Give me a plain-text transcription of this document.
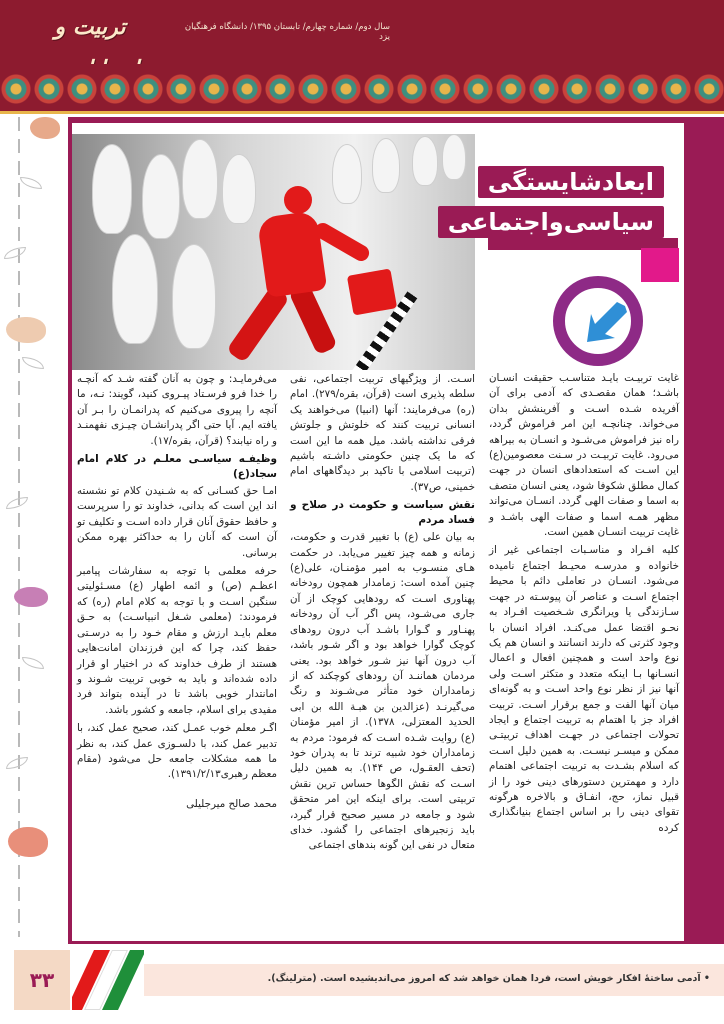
تربیت و	سال دوم/ شماره چهارم/ تابستان ۱۳۹۵/ دانشگاه فرهنگیان یزد
ابعادشایستگی
سیاسی‌واجتماعی

غایت تربیـت بایـد متناسـب حقیقت انسـان باشـد؛ همان مقصـدی که آدمی برای آن آفریده شـده اسـت و آفرینشش بدان می‌خواند. چنانچـه این امر فراموش گردد، راه نیز فراموش می‌شـود و انسـان به بیراهه می‌رود. غایت تربیـت در سـنت معصومین(ع) این اسـت که استعدادهای انسان در جهت کمال مطلق شکوفا شود، یعنی انسان متصف به اسما و صفات الهی گردد. انسـان می‌تواند مظهر همـه اسما و صفات الهی باشـد و غایت تربیت انسـان همین است.

کلیه افـراد و مناسـبات اجتماعی غیر از خانواده و مدرسـه محیـط اجتماع نامیده می‌شود. انسـان در تعاملی دائم با محیط اجتماع اسـت و عناصر آن پیوسـته در جهت سـازندگی یا ویرانگری شـخصیت افـراد به نحـو اقتضا عمل می‌کنـد. افراد انسان با وجود کثرتی که دارند انسانند و انسان هم یک نوع واحد است و همچنین افعال و اعمال انسـانها بـا اینکه متعدد و متکثر اسـت ولی آنها نیز از نظر نوع واحد اسـت و به گونه‌ای میان آنها الفت و جمع برقرار اسـت. تربیت افراد جز با اهتمام به تربیت اجتماع و ایجاد تحولات اجتماعی در جهـت اهداف تربیتـی ممکن و میسـر نیسـت. به همین دلیل اسـت که اسلام بشـدت به تربیت اجتماعی اهتمام دارد و مهمترین دستورهای دینی خود را از قبیل نماز، حج، انفـاق و بالاخره هرگونه تقوای دینی را بر اساس اجتماع بنیانگذاری کرده

اسـت. از ویژگیهای تربیت اجتماعی، نفی سلطه پذیری است (قرآن، بقره/۲۷۹). امام (ره) می‌فرمایند: آنها (انبیا) می‌خواهند یک انسانی تربیت کنند که خلوتش و جلوتش فرقی نداشته باشد. میل همه ما این است که ما یک چنین حکومتی داشـته باشیم (تربیت اسلامی با تاکید بر دیدگاههای امام خمینی، ص۳۷).

نقش سیاست و حکومت در صلاح و فساد مردم

به بیان علی (ع) با تغییر قدرت و حکومت، زمانه و همه چیز تغییر می‌یابد. در حکمت هـای منسـوب به امیر مؤمنـان، علی(ع) چنین آمده است: زمامدار همچون رودخانه پهناوری اسـت که رودهایی کوچک از آن جاری می‌شـود، پس اگر آب آن رودخانه پهنـاور و گـوارا باشـد آب درون رودهای کوچک گوارا خواهد بود و اگر شـور باشد، آب درون آنها نیز شـور خواهد بود. یعنی مردمان هماننـد آن رودهای کوچکند که از زمامداران خود متأثر می‌شـوند و رنگ می‌گیرنـد (عزالدین بن هبـة الله بن ابی الحدید المعتزلی، ۱۳۷۸). از امیر مؤمنان (ع) روایت شـده اسـت که فرمود: مردم به زمامداران خود شبیه ترند تا به پدران خود (تحف العقـول، ص ۱۴۴). به همین دلیل اسـت که نقش الگوها حساس ترین نقش تربیتی است. برای اینکه این امر متحقق شود و جامعه در مسیر صحیح قرار گیرد، باید زنجیرهای اجتماعی را گشود. خدای متعال در نفی این گونه بندهای اجتماعی

می‌فرمایـد: و چون به آنان گفته شـد که آنچـه را خدا فرو فرسـتاد پیـروی کنید، گویند: نـه، ما آنچه را پیروی می‌کنیم که پدرانمـان را بـر آن یافته ایم. آیا حتی اگر پدرانشـان چیـزی نفهمنـد و راه نیابند؟ (قرآن، بقره/۱۷).

وظیفـه سیاسـی معلـم در کلام امام سجاد(ع)

امـا حق کسـانی که به شـنیدن کلام تو نشسته اند این است که بدانی، خداوند تو را سرپرست و حافظ حقوق آنان قرار داده اسـت و تکلیف تو آن است که آنان را به حداکثر بهره ممکن برسانی.

حرفه معلمی با توجه به سفارشات پیامبر اعظـم (ص) و ائمه اطهار (ع) مسـئولیتی سنگین اسـت و با توجه به کلام امام (ره) که فرمودند: (معلمی شـغل انبیاسـت) به حـق معلم بایـد ارزش و مقام خـود را به درسـتی حفظ کند، چرا که این فرزندان امانت‌هایی هستند از طرف خداوند که در اختیار او قرار داده شده‌اند و باید به خوبی تربیت شـوند و امانتدار خوبی باشد تا در آینده بتواند فرد مفیدی برای اسلام، جامعه و کشور باشد.

اگـر معلم خوب عمـل کند، صحیح عمل کند، با تدبیر عمل کند، با دلسـوزی عمل کند، به نظر ما همه مشکلات جامعه حل می‌شود (مقام معظم رهبری۱۳۹۱/۲/۱۳).

محمد صالح میرجلیلی

۳۳	• آدمی ساختهٔ افکار خویش است، فردا همان خواهد شد که امروز می‌اندیشیده است. (مترلینگ).
